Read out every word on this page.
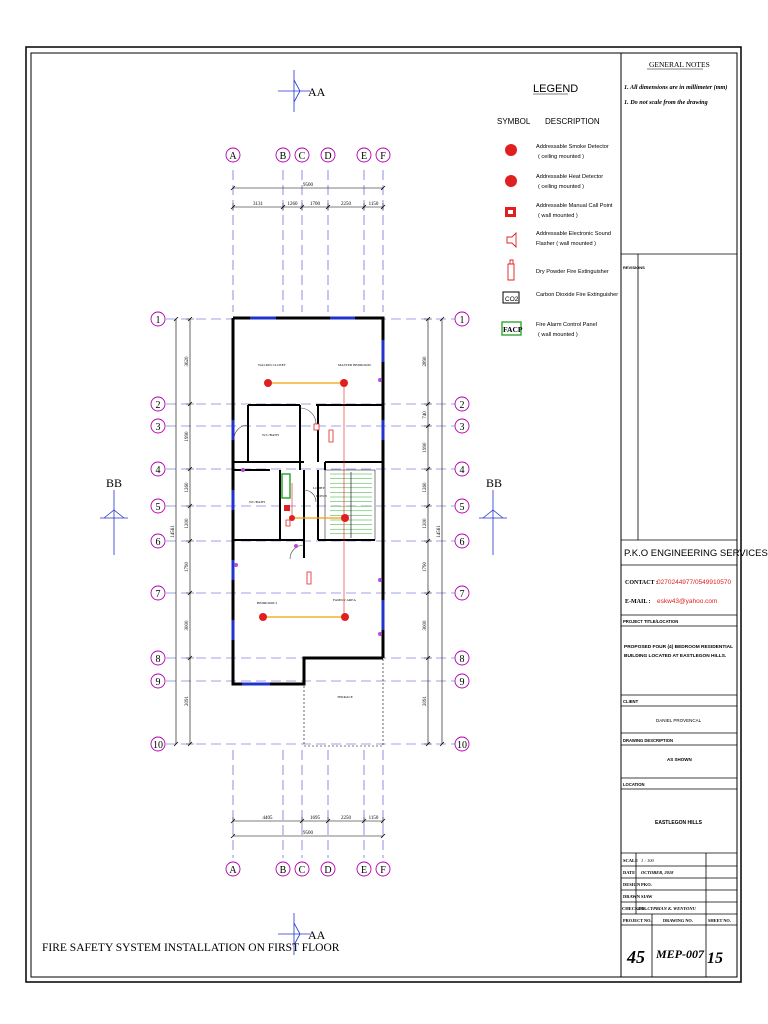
A	B C D	E F
A	B C D	E F
1
2
3
4
5
6
7
8
9
10
1
2
3
4
5
6
7
8
9
10
3131	1260	1700	2250	1150
9500
4405	1695	2250	1150
9500
3620
1990
1260
1200
1790
3000
2091
14561
2890
740
1990
1260
1200
1790
3000
2091
14561
WALKIN CLOSET	MASTER BEDROOM
W/C/BATH
WC/BATH
LOBBY
FAMILY AREA
BEDROOM 2
TERRACE
DOWN
AA
AA
BB	BB
FIRE SAFETY SYSTEM INSTALLATION ON FIRST FLOOR
LEGEND
SYMBOL DESCRIPTION
CO2
FACP
Addressable Smoke Detector
( ceiling mounted )
Addressable Heat Detector
( ceiling mounted )
Addressable Manual Call Point
( wall mounted )
Addressable Electronic Sound
Flasher ( wall mounted )
Dry Powder Fire Extinguisher
Carbon Dioxide Fire Extinguisher
Fire Alarm Control Panel
( wall mounted )
GENERAL NOTES
1. All dimensions are in millimeter (mm)
1. Do not scale from the drawing
REVISIONS
P.K.O ENGINEERING SERVICES
CONTACT : 0270244977/0549910570
E-MAIL : eskw43@yahoo.com
PROJECT TITLE/LOCATION
PROPOSED FOUR (4) BEDROOM RESIDENTIAL BUILDING LOCATED AT EASTLEGON HILLS.
CLIENT
DANIEL PROVENCAL
DRAWING DESCRIPTION
AS SHOWN
LOCATION
EASTLEGON HILLS
SCALE 1 : 100
DATE OCTOBER, 2018
DESIGN PKO.
DRAWN SIAW
CHECKED
ING.CYPRIAN K. WENYONU
PROJECT NO.	DRAWING NO.	SHEET NO.
45 MEP-007 15
